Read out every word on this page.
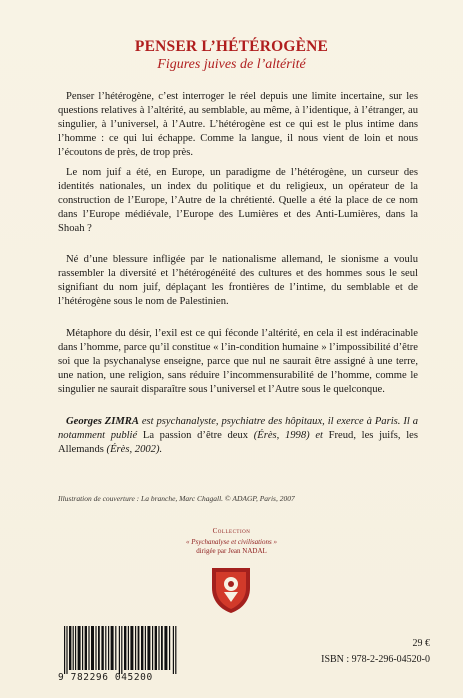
PENSER L’HÉTÉROGÈNE
Figures juives de l’altérité
Penser l’hétérogène, c’est interroger le réel depuis une limite incertaine, sur les questions relatives à l’altérité, au semblable, au même, à l’identique, à l’étranger, au singulier, à l’universel, à l’Autre. L’hétérogène est ce qui est le plus intime dans l’homme : ce qui lui échappe. Comme la langue, il nous vient de loin et nous l’écoutons de près, de trop près.
Le nom juif a été, en Europe, un paradigme de l’hétérogène, un curseur des identités nationales, un index du politique et du religieux, un opérateur de la construction de l’Europe, l’Autre de la chrétienté. Quelle a été la place de ce nom dans l’Europe médiévale, l’Europe des Lumières et des Anti-Lumières, dans la Shoah ?
Né d’une blessure infligée par le nationalisme allemand, le sionisme a voulu rassembler la diversité et l’hétérogénéité des cultures et des hommes sous le seul signifiant du nom juif, déplaçant les frontières de l’intime, du semblable et de l’hétérogène sous le nom de Palestinien.
Métaphore du désir, l’exil est ce qui féconde l’altérité, en cela il est indéracinable dans l’homme, parce qu’il constitue « l’in-condition humaine » l’impossibilité d’être soi que la psychanalyse enseigne, parce que nul ne saurait être assigné à une terre, une nation, une religion, sans réduire l’incommensurabilité de l’homme, comme le singulier ne saurait disparaître sous l’universel et l’Autre sous le quelconque.
Georges ZIMRA est psychanalyste, psychiatre des hôpitaux, il exerce à Paris. Il a notamment publié La passion d’être deux (Érès, 1998) et Freud, les juifs, les Allemands (Érès, 2002).
Illustration de couverture : La branche, Marc Chagall. © ADAGP, Paris, 2007
Collection
« Psychanalyse et civilisations »
dirigée par Jean NADAL
29 €
ISBN : 978-2-296-04520-0
9 782296 045200
